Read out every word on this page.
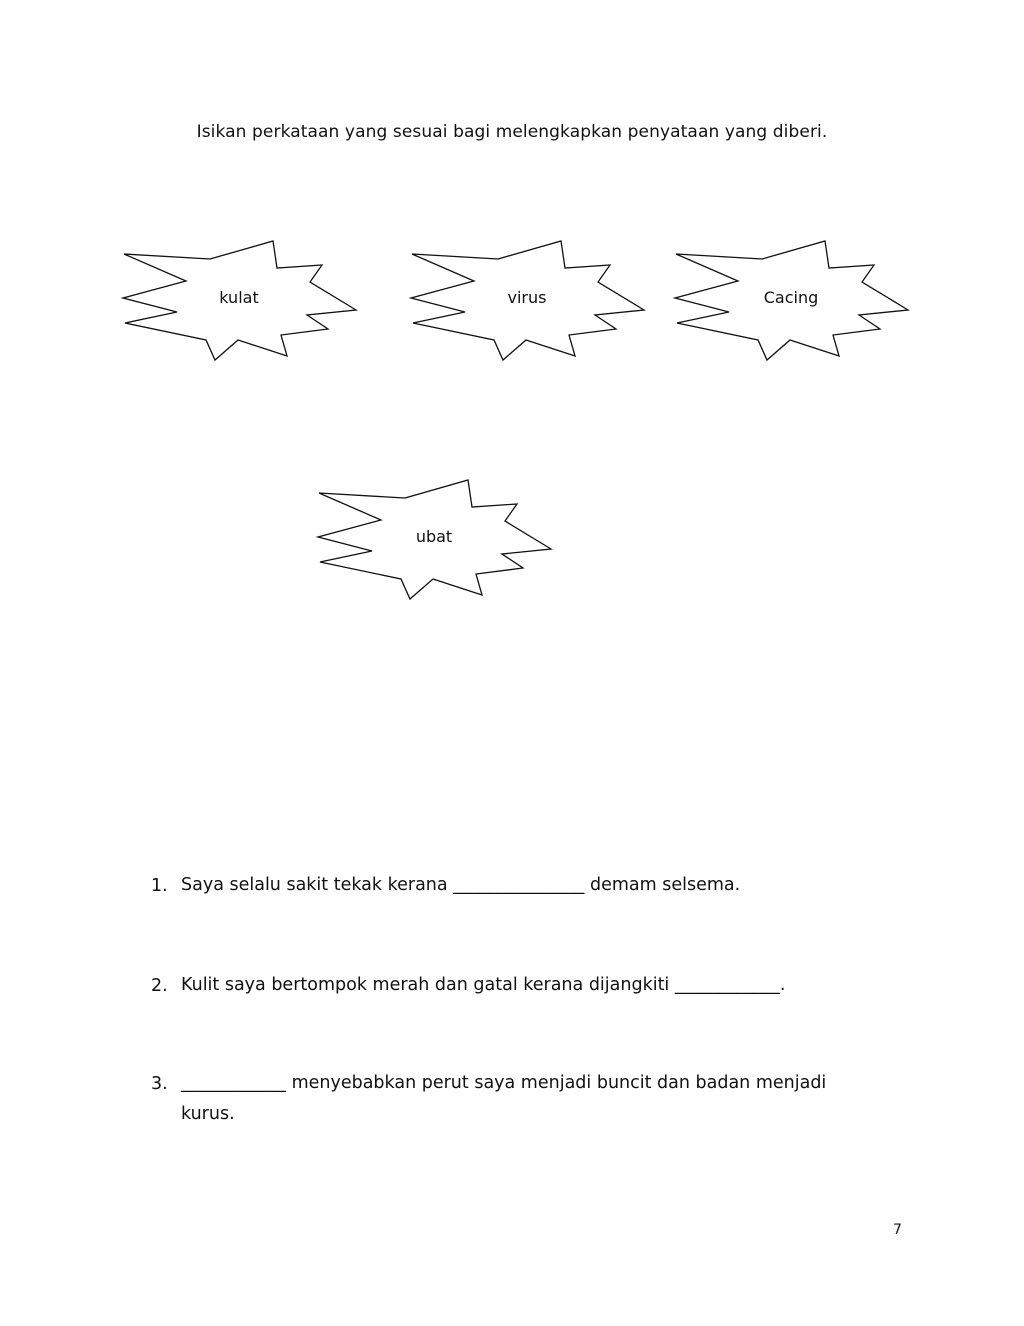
Isikan perkataan yang sesuai bagi melengkapkan penyataan yang diberi.
kulat	virus	Cacing
ubat
1. Saya selalu sakit tekak kerana _______________ demam selsema.
2. Kulit saya bertompok merah dan gatal kerana dijangkiti ____________.
3. ____________ menyebabkan perut saya menjadi buncit dan badan menjadi
kurus.
7
